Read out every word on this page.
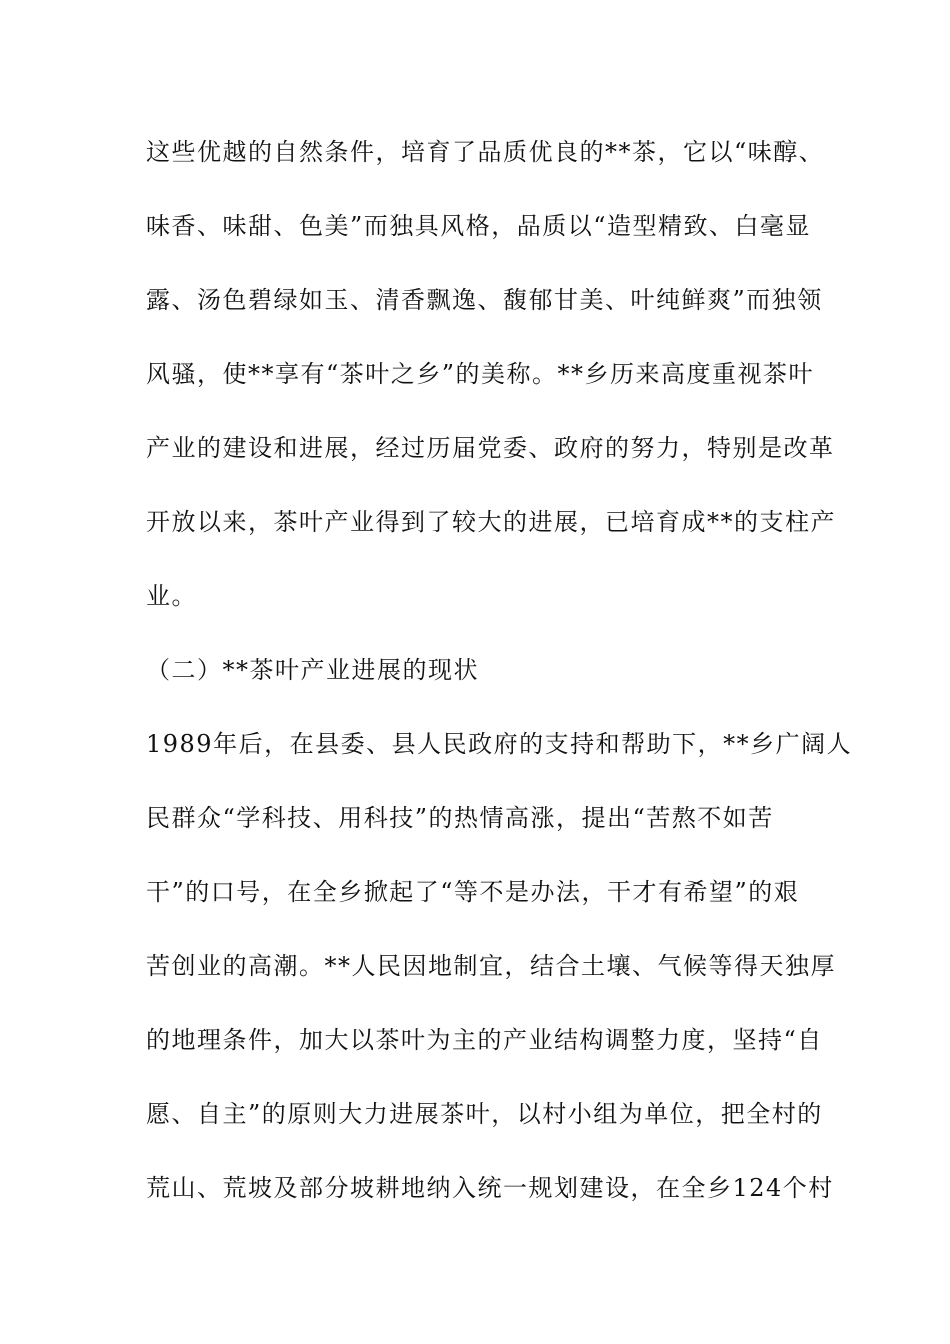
这些优越的自然条件，培育了品质优良的**茶，它以“味醇、
味香、味甜、色美”而独具风格，品质以“造型精致、白毫显
露、汤色碧绿如玉、清香飘逸、馥郁甘美、叶纯鲜爽”而独领
风骚，使**享有“茶叶之乡”的美称。**乡历来高度重视茶叶
产业的建设和进展，经过历届党委、政府的努力，特别是改革
开放以来，茶叶产业得到了较大的进展，已培育成**的支柱产
业。
（二）**茶叶产业进展的现状
1989年后，在县委、县人民政府的支持和帮助下，**乡广阔人
民群众“学科技、用科技”的热情高涨，提出“苦熬不如苦
干”的口号，在全乡掀起了“等不是办法，干才有希望”的艰
苦创业的高潮。**人民因地制宜，结合土壤、气候等得天独厚
的地理条件，加大以茶叶为主的产业结构调整力度，坚持“自
愿、自主”的原则大力进展茶叶，以村小组为单位，把全村的
荒山、荒坡及部分坡耕地纳入统一规划建设，在全乡124个村
